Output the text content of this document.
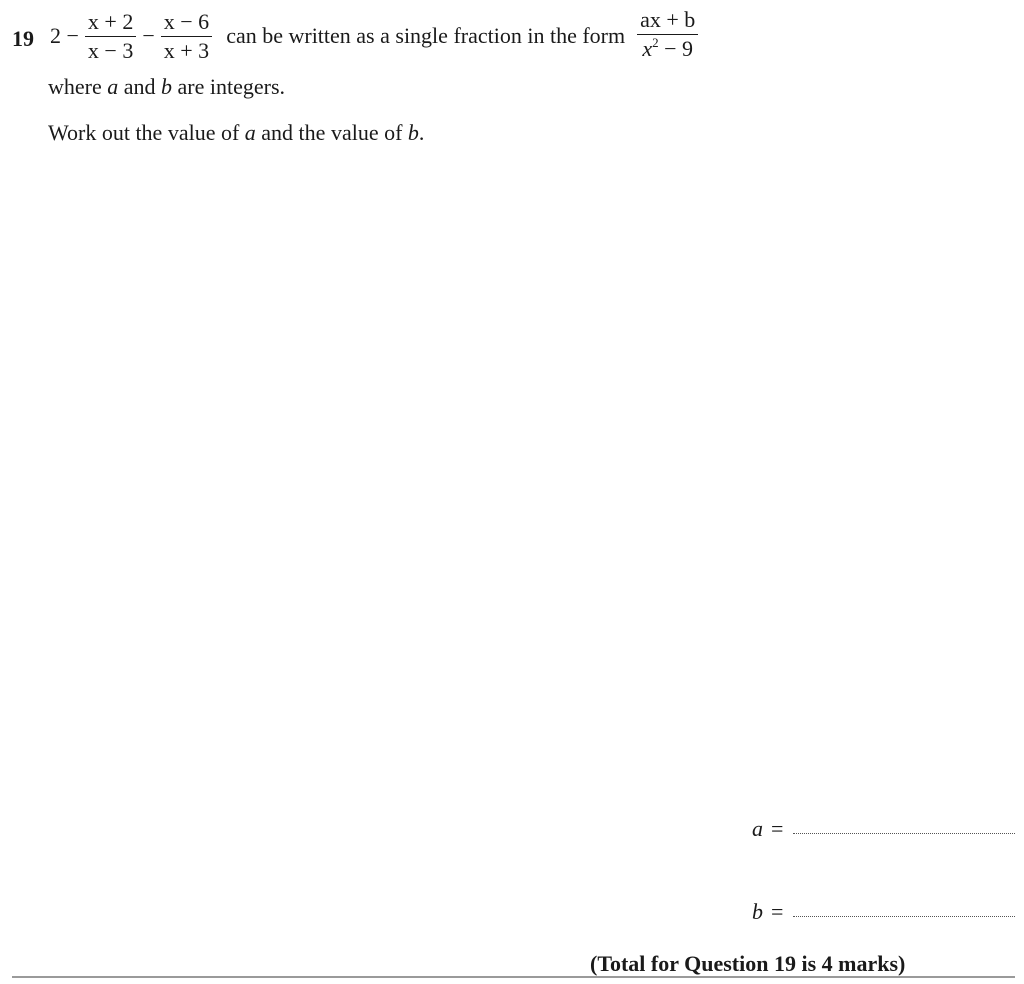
19 $2 - \frac{x + 2}{x - 3} - \frac{x - 6}{x + 3}$ can be written as a single fraction in the form $\frac{ax + b}{x^2 - 9}$
where a and b are integers.
Work out the value of a and the value of b.
a =
b =
(Total for Question 19 is 4 marks)
